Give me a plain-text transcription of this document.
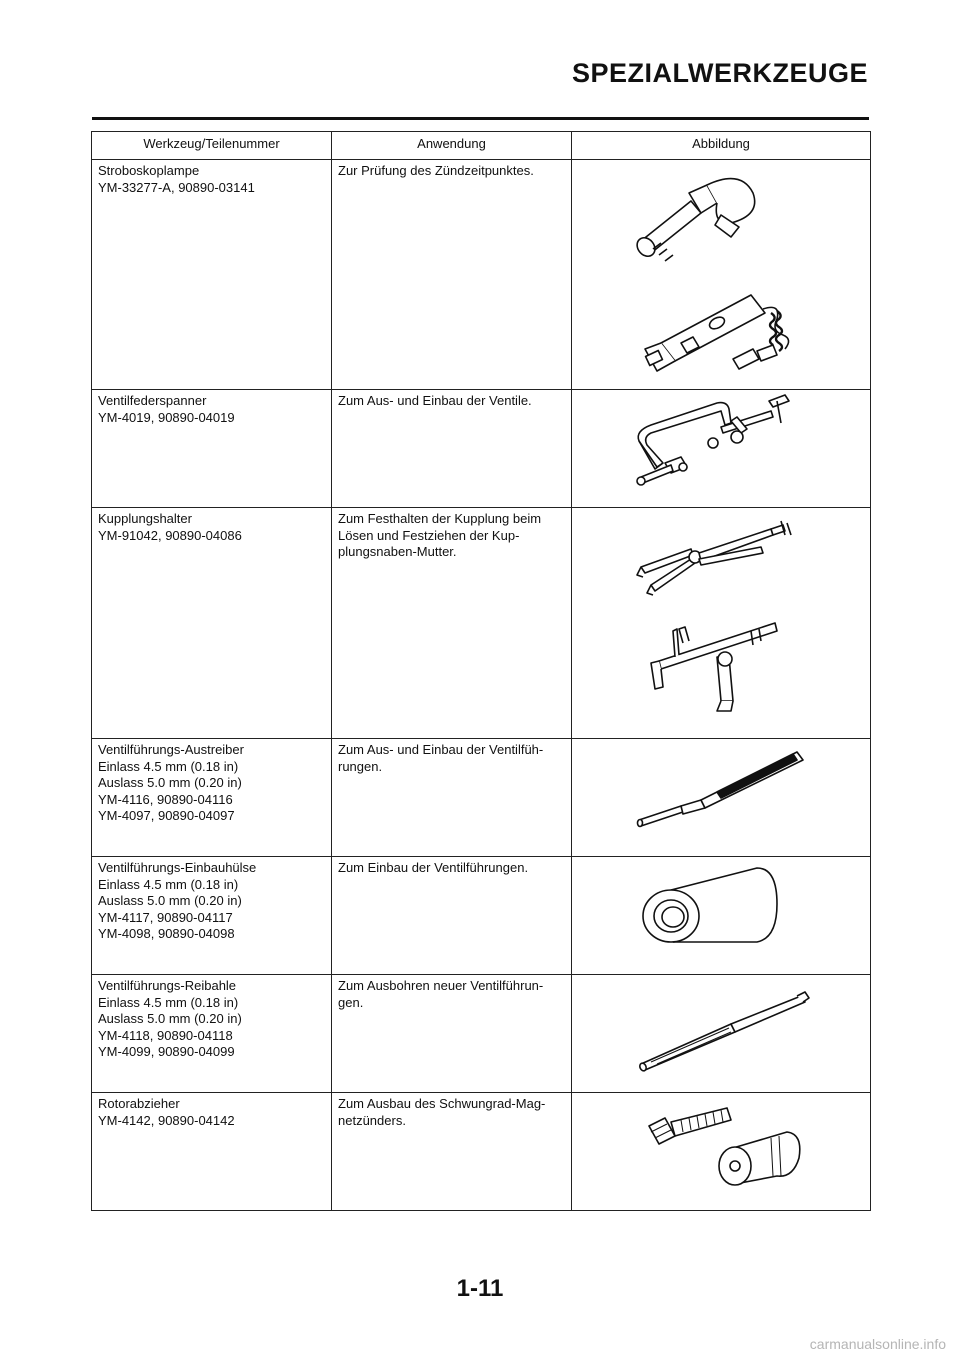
SPEZIALWERKZEUGE
Werkzeug/Teilenummer	Anwendung	Abbildung

Stroboskoplampe
YM-33277-A, 90890-03141	Zur Prüfung des Zündzeitpunktes.

Ventilfederspanner
YM-4019, 90890-04019	Zum Aus- und Einbau der Ventile.

Kupplungshalter
YM-91042, 90890-04086	Zum Festhalten der Kupplung beim
Lösen und Festziehen der Kup-
plungsnaben-Mutter.

Ventilführungs-Austreiber
Einlass 4.5 mm (0.18 in)
Auslass 5.0 mm (0.20 in)
YM-4116, 90890-04116
YM-4097, 90890-04097	Zum Aus- und Einbau der Ventilfüh-
rungen.

Ventilführungs-Einbauhülse
Einlass 4.5 mm (0.18 in)
Auslass 5.0 mm (0.20 in)
YM-4117, 90890-04117
YM-4098, 90890-04098	Zum Einbau der Ventilführungen.

Ventilführungs-Reibahle
Einlass 4.5 mm (0.18 in)
Auslass 5.0 mm (0.20 in)
YM-4118, 90890-04118
YM-4099, 90890-04099	Zum Ausbohren neuer Ventilführun-
gen.

Rotorabzieher
YM-4142, 90890-04142	Zum Ausbau des Schwungrad-Mag-
netzünders.

1-11
carmanualsonline.info
